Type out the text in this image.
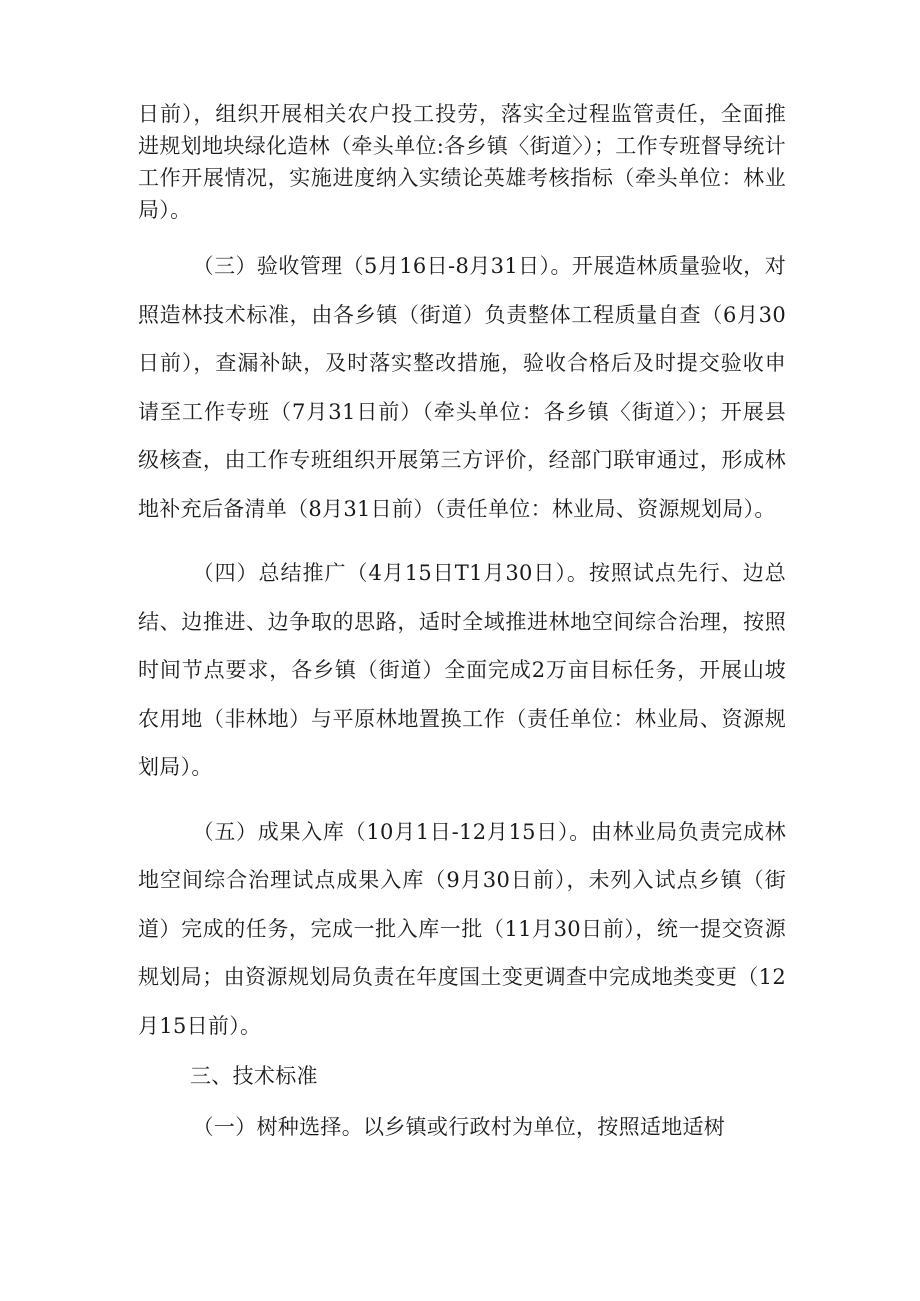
日前），组织开展相关农户投工投劳，落实全过程监管责任，全面推进规划地块绿化造林（牵头单位:各乡镇〈街道〉）；工作专班督导统计工作开展情况，实施进度纳入实绩论英雄考核指标（牵头单位：林业局）。

（三）验收管理（5月16日-8月31日）。开展造林质量验收，对照造林技术标准，由各乡镇（街道）负责整体工程质量自查（6月30日前），查漏补缺，及时落实整改措施，验收合格后及时提交验收申请至工作专班（7月31日前）（牵头单位：各乡镇〈街道〉）；开展县级核查，由工作专班组织开展第三方评价，经部门联审通过，形成林地补充后备清单（8月31日前）（责任单位：林业局、资源规划局）。

（四）总结推广（4月15日T1月30日）。按照试点先行、边总结、边推进、边争取的思路，适时全域推进林地空间综合治理，按照时间节点要求，各乡镇（街道）全面完成2万亩目标任务，开展山坡农用地（非林地）与平原林地置换工作（责任单位：林业局、资源规划局）。

（五）成果入库（10月1日-12月15日）。由林业局负责完成林地空间综合治理试点成果入库（9月30日前），未列入试点乡镇（街道）完成的任务，完成一批入库一批（11月30日前），统一提交资源规划局；由资源规划局负责在年度国土变更调查中完成地类变更（12月15日前）。

三、技术标准

（一）树种选择。以乡镇或行政村为单位，按照适地适树
